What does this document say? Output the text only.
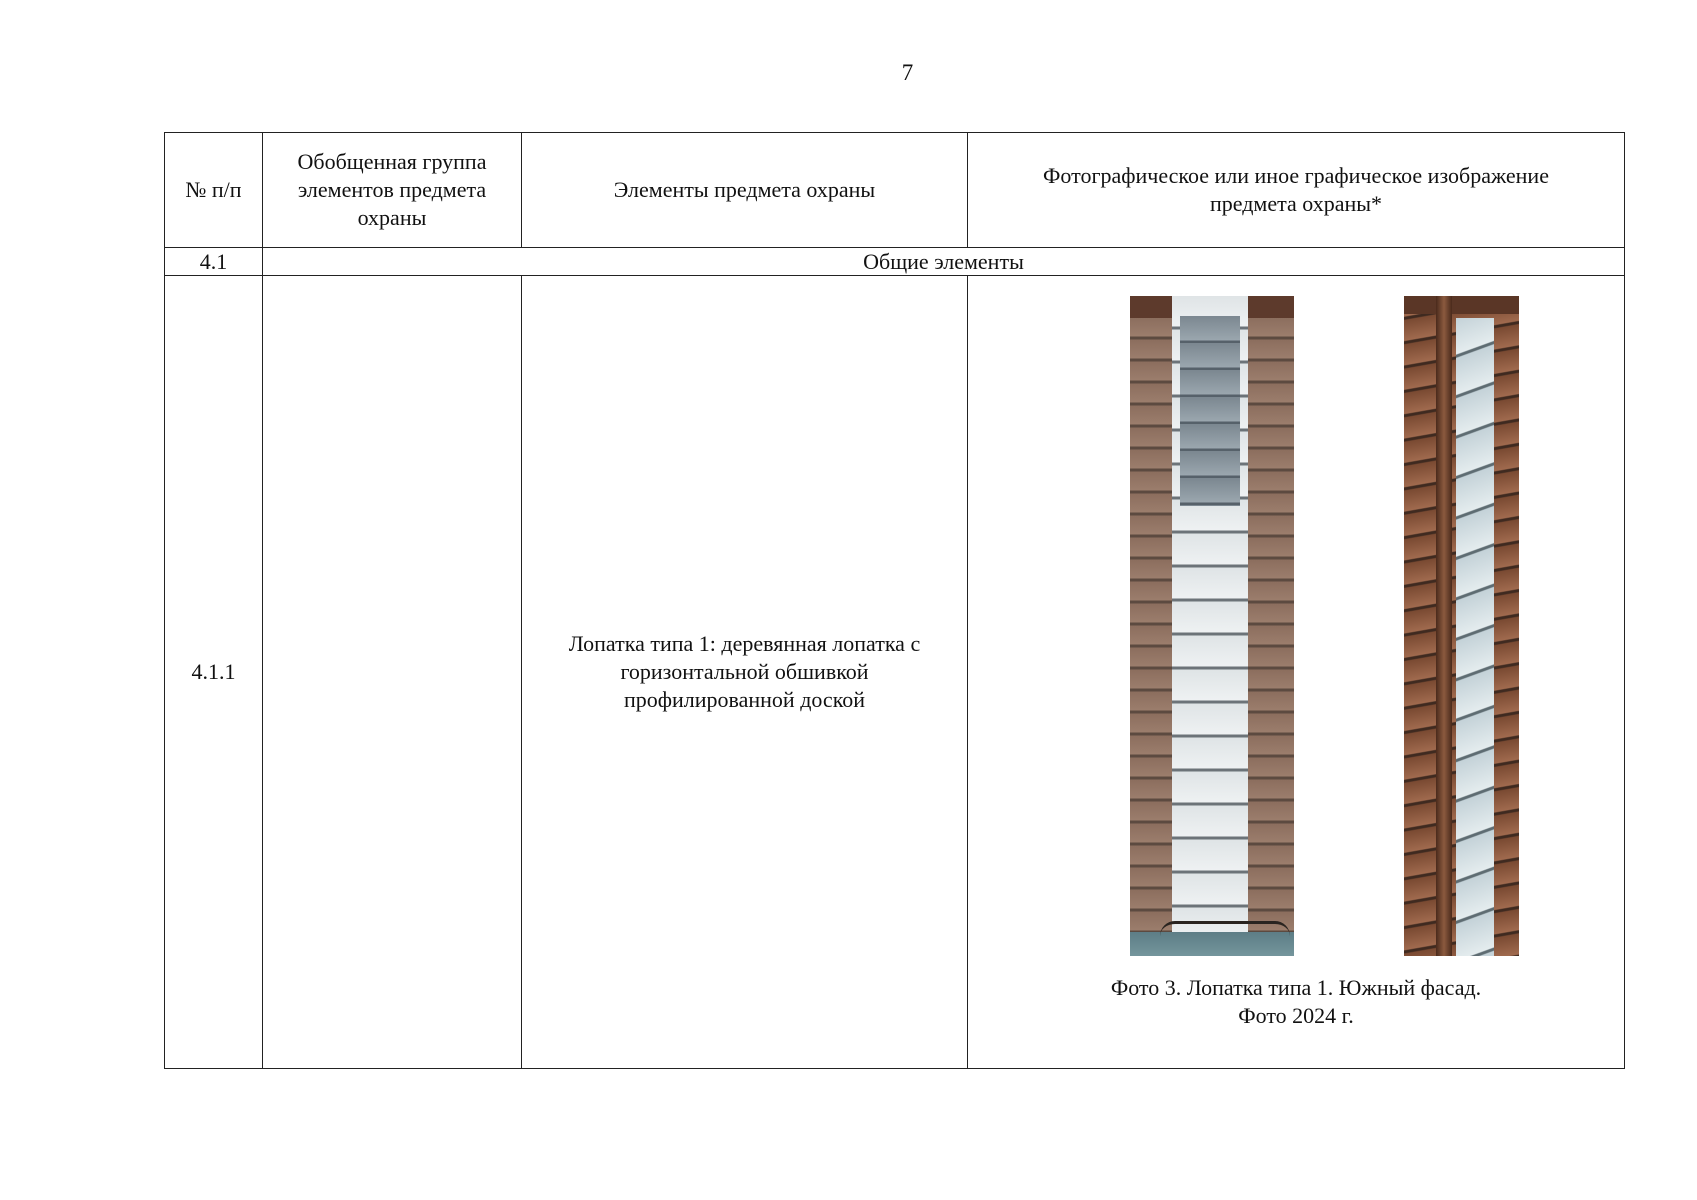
7
№ п/п	Обобщенная группа элементов предмета охраны	Элементы предмета охраны	Фотографическое или иное графическое изображение предмета охраны*
4.1	Общие элементы		
4.1.1		Лопатка типа 1: деревянная лопатка с горизонтальной обшивкой профилированной доской	Фото 3. Лопатка типа 1. Южный фасад.
Фото 2024 г.
